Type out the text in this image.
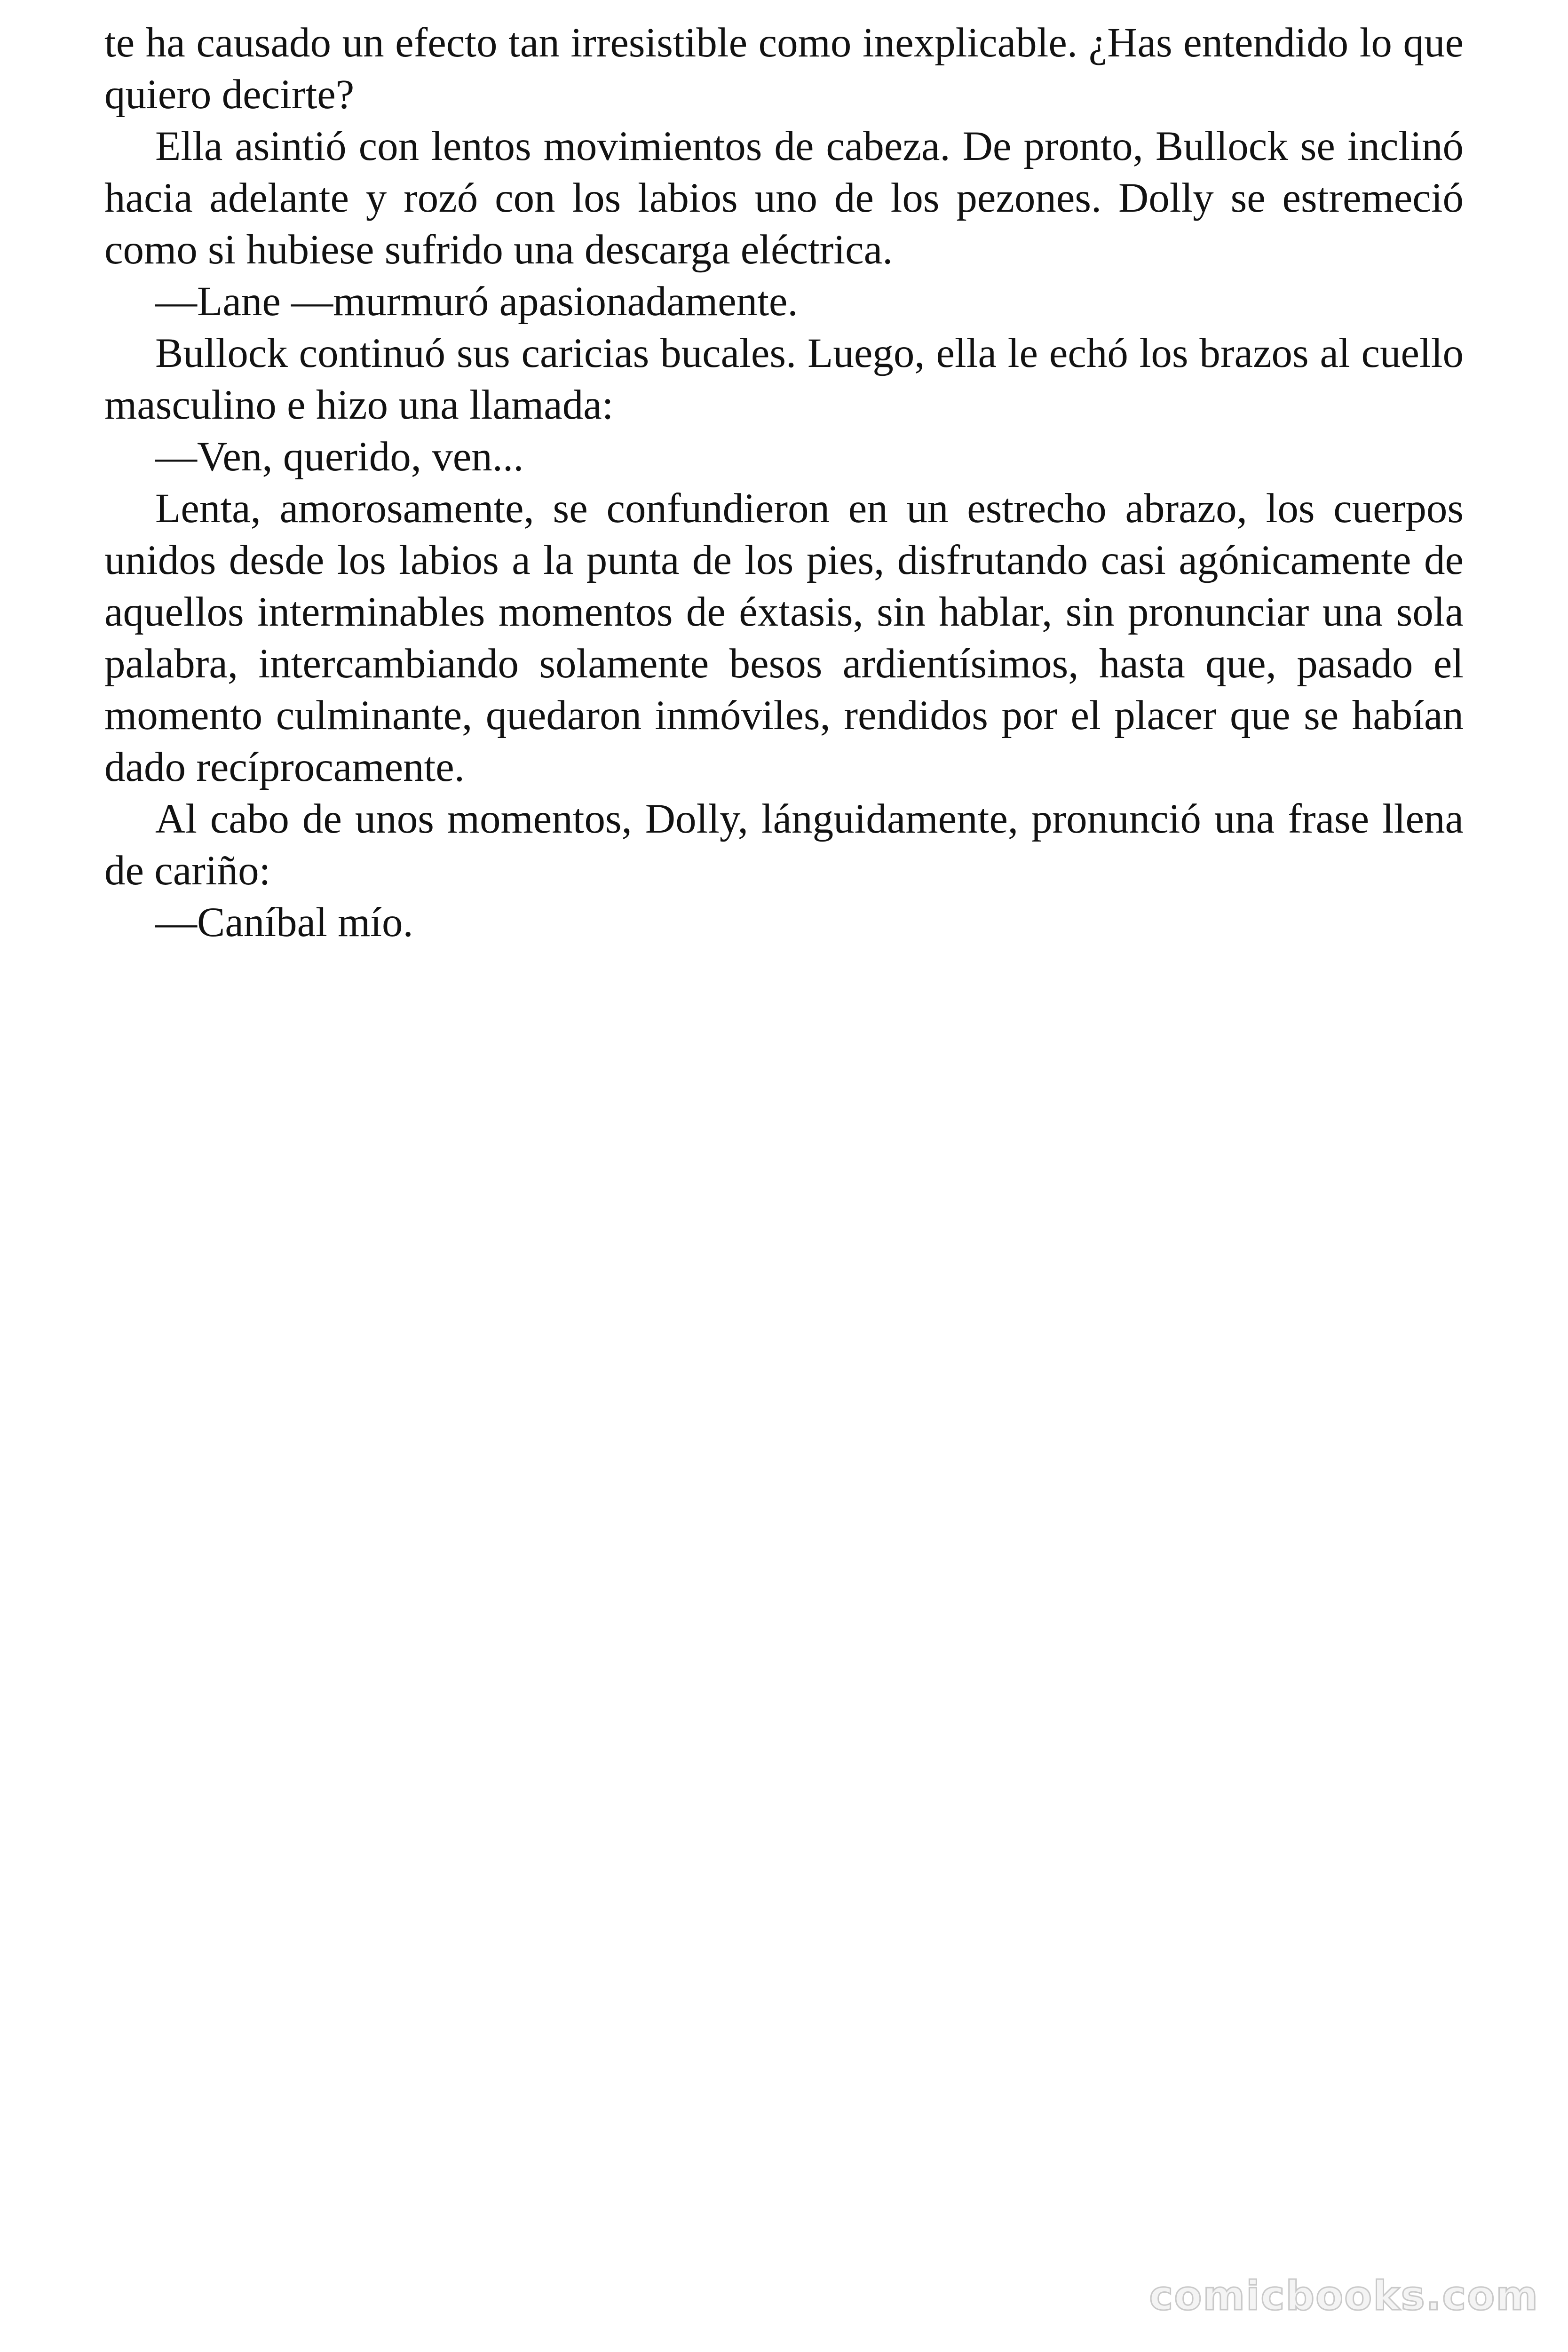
te ha causado un efecto tan irresistible como inexplicable. ¿Has entendido lo que quiero decirte?

Ella asintió con lentos movimientos de cabeza. De pronto, Bullock se inclinó hacia adelante y rozó con los labios uno de los pezones. Dolly se estremeció como si hubiese sufrido una descarga eléctrica.

—Lane —murmuró apasionadamente.

Bullock continuó sus caricias bucales. Luego, ella le echó los brazos al cuello masculino e hizo una llamada:

—Ven, querido, ven...

Lenta, amorosamente, se confundieron en un estrecho abrazo, los cuerpos unidos desde los labios a la punta de los pies, disfrutando casi agónicamente de aquellos interminables momentos de éxtasis, sin hablar, sin pronunciar una sola palabra, intercambiando solamente besos ardientísimos, hasta que, pasado el momento culminante, quedaron inmóviles, rendidos por el placer que se habían dado recíprocamente.

Al cabo de unos momentos, Dolly, lánguidamente, pronunció una frase llena de cariño:

—Caníbal mío.

comicbooks.com
